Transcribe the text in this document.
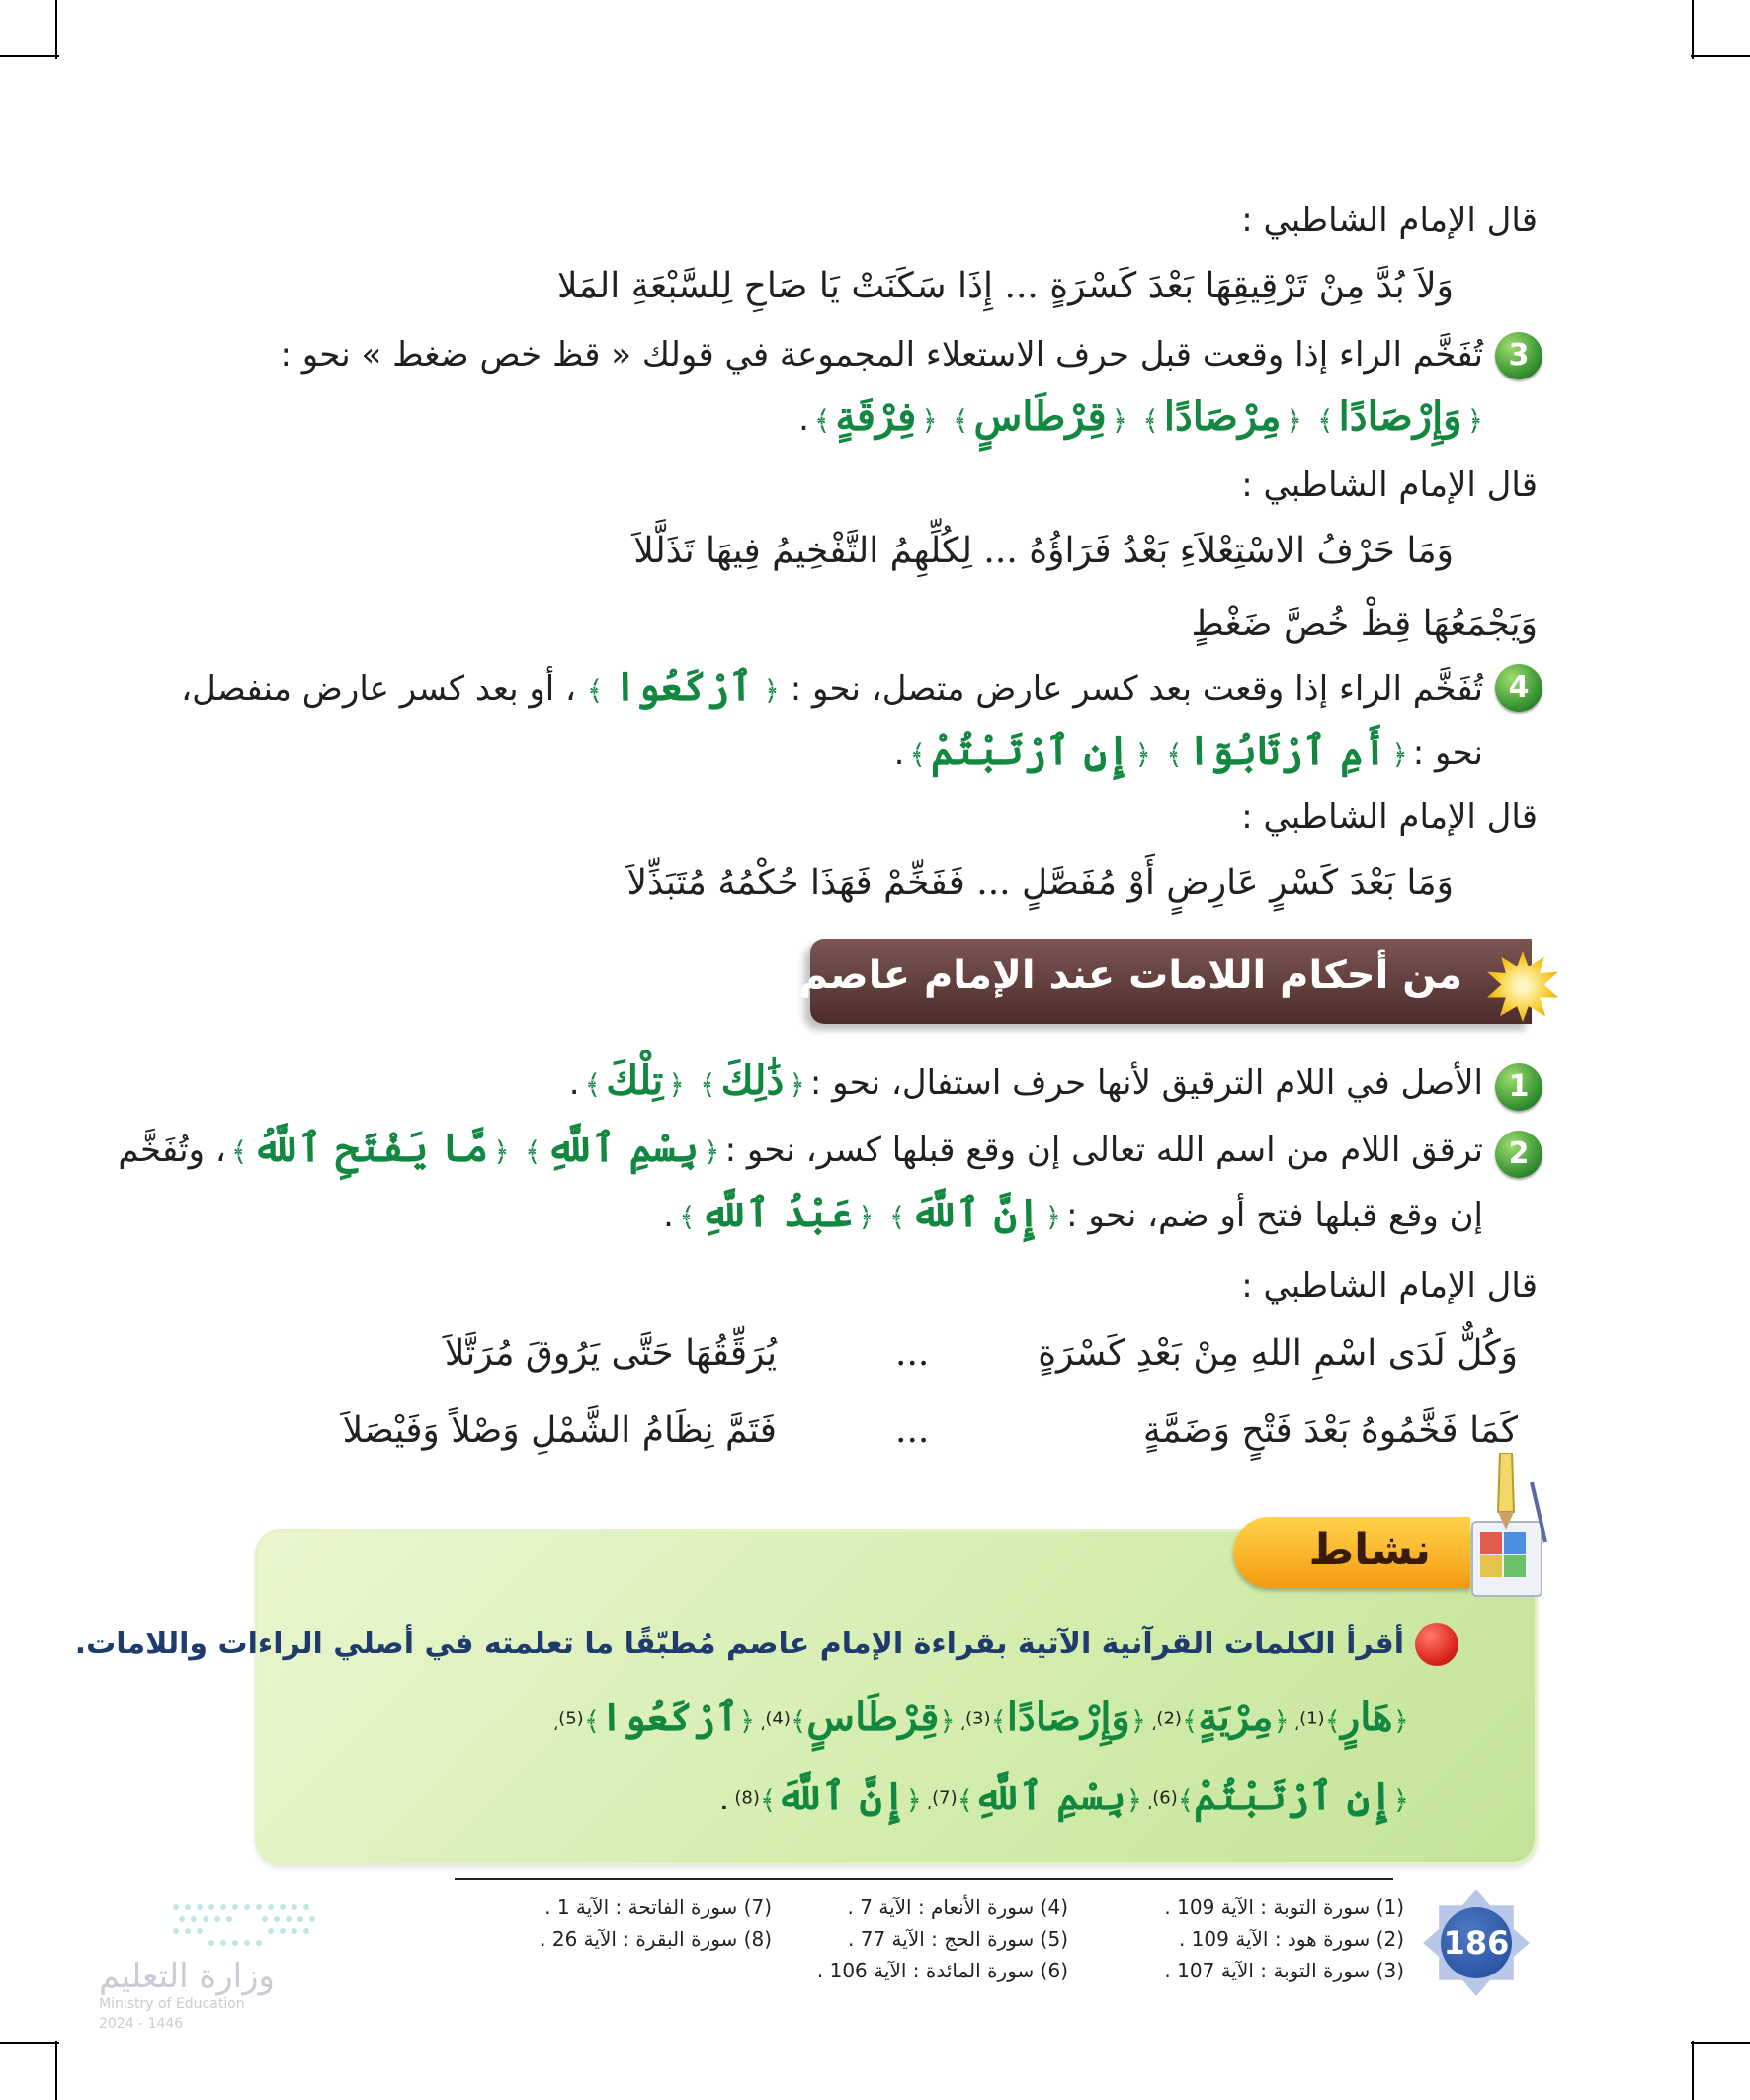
قال الإمام الشاطبي :
وَلاَ بُدَّ مِنْ تَرْقِيقِهَا بَعْدَ كَسْرَةٍ ... إِذَا سَكَنَتْ يَا صَاحِ لِلسَّبْعَةِ المَلا
3
تُفَخَّم الراء إذا وقعت قبل حرف الاستعلاء المجموعة في قولك « قظ خص ضغط » نحو :
﴿ وَإِرْصَادًا ﴾   ﴿ مِرْصَادًا ﴾   ﴿ قِرْطَاسٍ ﴾   ﴿ فِرْقَةٍ ﴾ .
قال الإمام الشاطبي :
وَمَا حَرْفُ الاسْتِعْلاَءِ بَعْدُ فَرَاؤُهُ ... لِكُلِّهِمُ التَّفْخِيمُ فِيهَا تَذَلَّلاَ
وَيَجْمَعُهَا قِظْ خُصَّ ضَغْطٍ
4
تُفَخَّم الراء إذا وقعت بعد كسر عارض متصل، نحو : ﴿ ٱرْكَعُوا ﴾ ، أو بعد كسر عارض منفصل،
نحو : ﴿ أَمِ ٱرْتَابُوٓا ﴾   ﴿ إِنِ ٱرْتَبْتُمْ ﴾ .
قال الإمام الشاطبي :
وَمَا بَعْدَ كَسْرٍ عَارِضٍ أَوْ مُفَصَّلٍ ... فَفَخِّمْ فَهَذَا حُكْمُهُ مُتَبَذِّلاَ
من أحكام اللامات عند الإمام عاصم
1
الأصل في اللام الترقيق لأنها حرف استفال، نحو : ﴿ ذَٰلِكَ ﴾   ﴿ تِلْكَ ﴾ .
2
ترقق اللام من اسم الله تعالى إن وقع قبلها كسر، نحو : ﴿ بِسْمِ ٱللَّهِ ﴾   ﴿ مَّا يَفْتَحِ ٱللَّهُ ﴾ ، وتُفَخَّم
إن وقع قبلها فتح أو ضم، نحو : ﴿ إِنَّ ٱللَّهَ ﴾   ﴿ عَبْدُ ٱللَّهِ ﴾ .
قال الإمام الشاطبي :
وَكُلٌّ لَدَى اسْمِ اللهِ مِنْ بَعْدِ كَسْرَةٍ
...
يُرَقِّقُهَا حَتَّى يَرُوقَ مُرَتَّلاَ
كَمَا فَخَّمُوهُ بَعْدَ فَتْحٍ وَضَمَّةٍ
...
فَتَمَّ نِظَامُ الشَّمْلِ وَصْلاً وَفَيْصَلاَ
نشاط
أقرأ الكلمات القرآنية الآتية بقراءة الإمام عاصم مُطبّقًا ما تعلمته في أصلي الراءات واللامات.
﴿هَارٍ﴾$^{(1)}$، ﴿مِرْيَةٍ﴾$^{(2)}$، ﴿وَإِرْصَادًا﴾$^{(3)}$، ﴿قِرْطَاسٍ﴾$^{(4)}$، ﴿ٱرْكَعُوا﴾$^{(5)}$،
﴿إِنِ ٱرْتَبْتُمْ﴾$^{(6)}$، ﴿بِسْمِ ٱللَّهِ﴾$^{(7)}$، ﴿إِنَّ ٱللَّهَ﴾$^{(8)}$ .
(1) سورة التوبة : الآية 109 .
(2) سورة هود : الآية 109 .
(3) سورة التوبة : الآية 107 .
(4) سورة الأنعام : الآية 7 .
(5) سورة الحج : الآية 77 .
(6) سورة المائدة : الآية 106 .
(7) سورة الفاتحة : الآية 1 .
(8) سورة البقرة : الآية 26 .	186
وزارة التعليم
Ministry of Education
2024 - 1446
